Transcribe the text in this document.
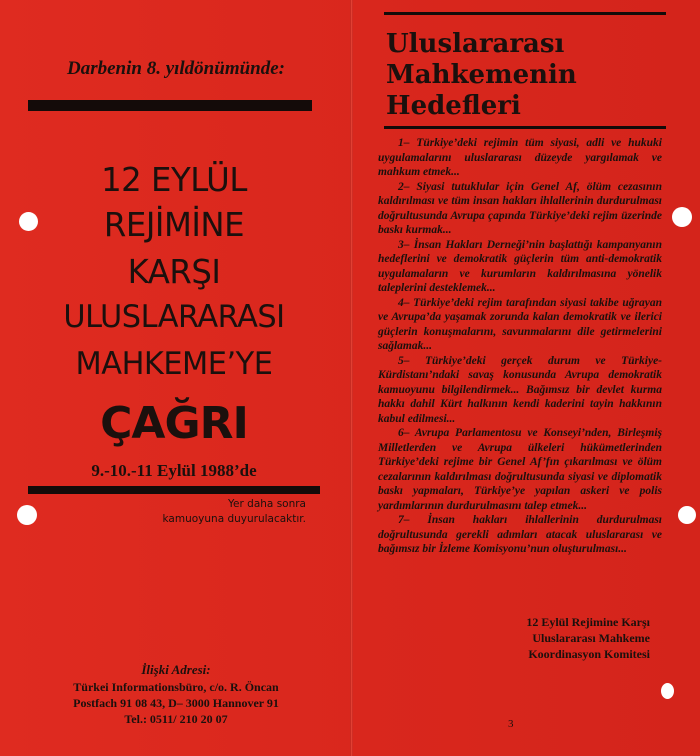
Darbenin 8. yıldönümünde:

12 EYLÜL

REJİMİNE

KARŞI

ULUSLARARASI

MAHKEME’YE

ÇAĞRI

9.-10.-11 Eylül 1988’de

Yer daha sonra

kamuoyuna duyurulacaktır.

İlişki Adresi:

Türkei Informationsbüro, c/o. R. Öncan

Postfach 91 08 43, D– 3000 Hannover 91

Tel.: 0511/ 210 20 07

Uluslararası

Mahkemenin

Hedefleri

1– Türkiye’deki rejimin tüm siyasi, adli ve hukuki uygulamalarını uluslararası düzeyde yargılamak ve mahkum etmek...

2– Siyasi tutuklular için Genel Af, ölüm cezasının kaldırılması ve tüm insan hakları ihlallerinin durdurulması doğrultusunda Avrupa çapında Türkiye’deki rejim üzerinde baskı kurmak...

3– İnsan Hakları Derneği’nin başlattığı kampanyanın hedeflerini ve demokratik güçlerin tüm anti-demokratik uygulamaların ve kurumların kaldırılmasına yönelik taleplerini desteklemek...

4– Türkiye’deki rejim tarafından siyasi takibe uğrayan ve Avrupa’da yaşamak zorunda kalan demokratik ve ilerici güçlerin konuşmalarını, savunmalarını dile getirmelerini sağlamak...

5– Türkiye’deki gerçek durum ve Türkiye-Kürdistanı’ndaki savaş konusunda Avrupa demokratik kamuoyunu bilgilendirmek... Bağımsız bir devlet kurma hakkı dahil Kürt halkının kendi kaderini tayin hakkının kabul edilmesi...

6– Avrupa Parlamentosu ve Konseyi’nden, Birleşmiş Milletlerden ve Avrupa ülkeleri hükümetlerinden Türkiye’deki rejime bir Genel Af’fın çıkarılması ve ölüm cezalarının kaldırılması doğrultusunda siyasi ve diplomatik baskı yapmaları, Türkiye’ye yapılan askeri ve polis yardımlarının durdurulmasını talep etmek...

7– İnsan hakları ihlallerinin durdurulması doğrultusunda gerekli adımları atacak uluslararası ve bağımsız bir İzleme Komisyonu’nun oluşturulması...

12 Eylül Rejimine Karşı

Uluslararası Mahkeme

Koordinasyon Komitesi

3
